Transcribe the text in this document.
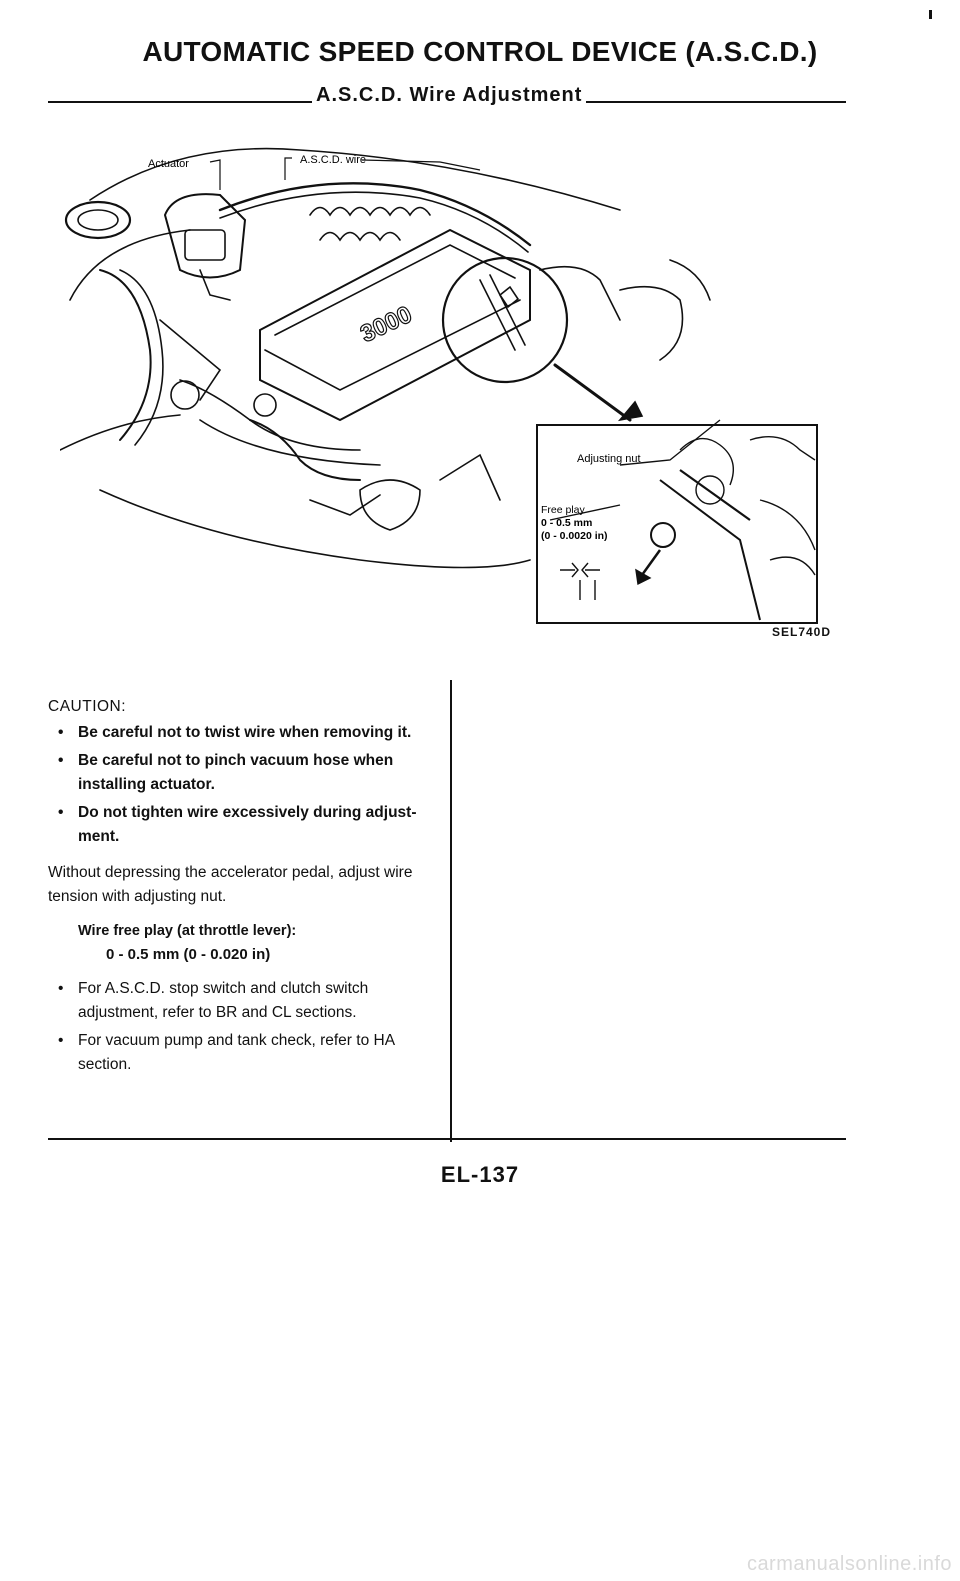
AUTOMATIC SPEED CONTROL DEVICE (A.S.C.D.)
A.S.C.D. Wire Adjustment
Actuator	A.S.C.D. wire
3000
Adjusting nut
Free play
0 - 0.5 mm
(0 - 0.0020 in)
SEL740D
CAUTION:
• Be careful not to twist wire when removing it.
• Be careful not to pinch vacuum hose when installing actuator.
• Do not tighten wire excessively during adjust-ment.
Without depressing the accelerator pedal, adjust wire tension with adjusting nut.
Wire free play (at throttle lever):
0 - 0.5 mm (0 - 0.020 in)
• For A.S.C.D. stop switch and clutch switch adjustment, refer to BR and CL sections.
• For vacuum pump and tank check, refer to HA section.
EL-137
carmanualsonline.info
